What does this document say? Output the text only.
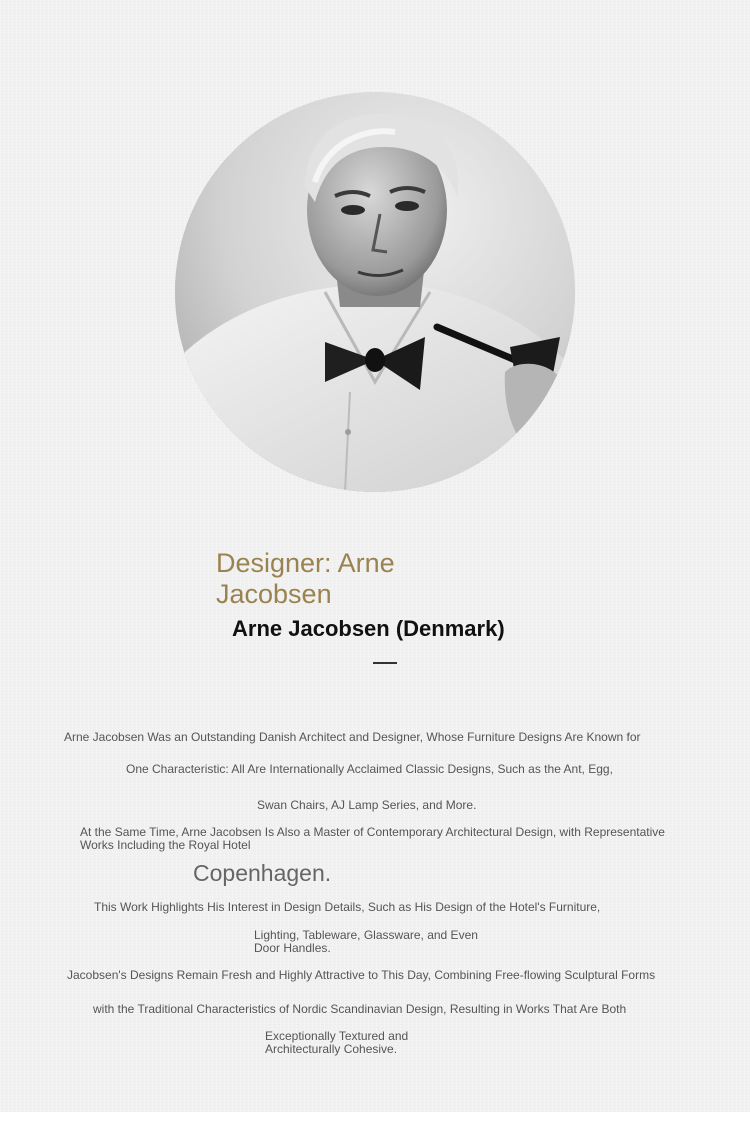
Designer: Arne Jacobsen
Arne Jacobsen (Denmark)

Arne Jacobsen Was an Outstanding Danish Architect and Designer, Whose Furniture Designs Are Known for

One Characteristic: All Are Internationally Acclaimed Classic Designs, Such as the Ant, Egg,

Swan Chairs, AJ Lamp Series, and More.

At the Same Time, Arne Jacobsen Is Also a Master of Contemporary Architectural Design, with Representative Works Including the Royal Hotel

Copenhagen.

This Work Highlights His Interest in Design Details, Such as His Design of the Hotel's Furniture,

Lighting, Tableware, Glassware, and Even Door Handles.

Jacobsen's Designs Remain Fresh and Highly Attractive to This Day, Combining Free-flowing Sculptural Forms

with the Traditional Characteristics of Nordic Scandinavian Design, Resulting in Works That Are Both

Exceptionally Textured and Architecturally Cohesive.
